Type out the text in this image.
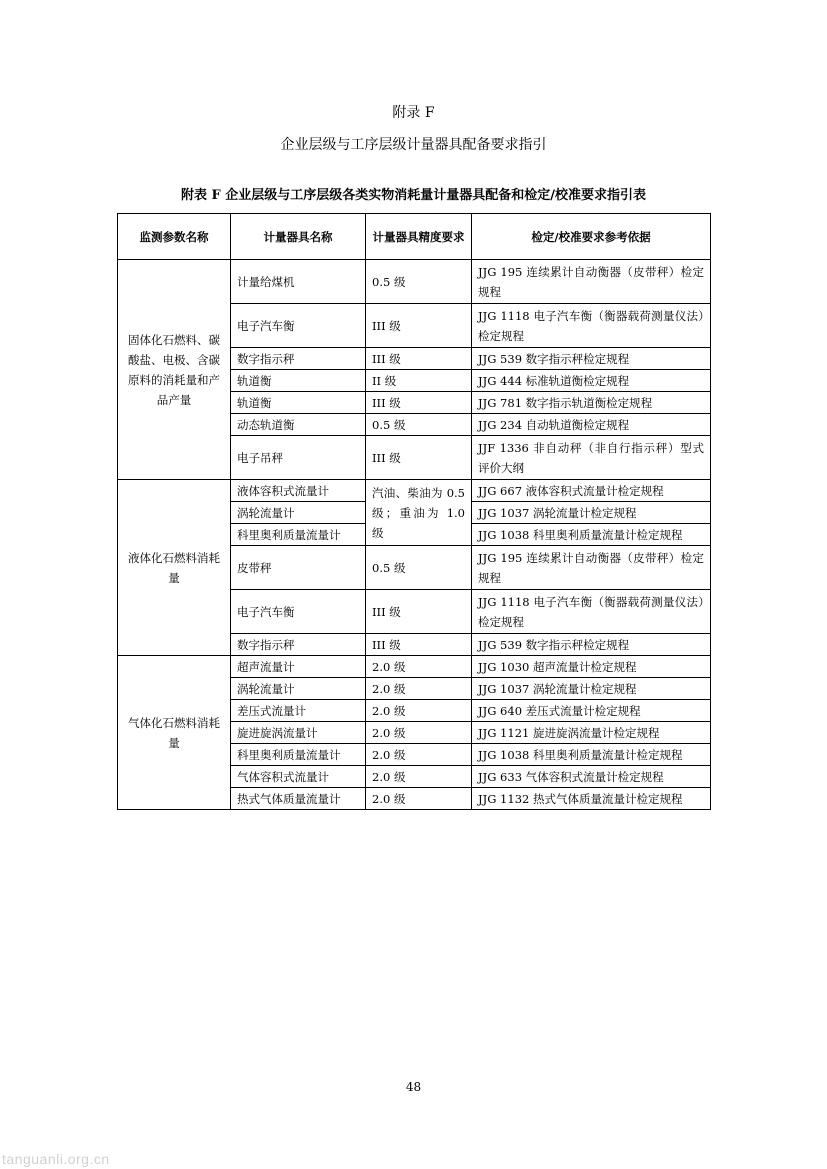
附录 F
企业层级与工序层级计量器具配备要求指引
附表 F 企业层级与工序层级各类实物消耗量计量器具配备和检定/校准要求指引表
监测参数名称	计量器具名称	计量器具精度要求	检定/校准要求参考依据
固体化石燃料、碳酸盐、电极、含碳原料的消耗量和产品产量	计量给煤机	0.5 级	JJG 195 连续累计自动衡器（皮带秤）检定规程
	电子汽车衡	III 级	JJG 1118 电子汽车衡（衡器载荷测量仪法）检定规程
	数字指示秤	III 级	JJG 539 数字指示秤检定规程
	轨道衡	II 级	JJG 444 标准轨道衡检定规程
	轨道衡	III 级	JJG 781 数字指示轨道衡检定规程
	动态轨道衡	0.5 级	JJG 234 自动轨道衡检定规程
	电子吊秤	III 级	JJF 1336 非自动秤（非自行指示秤）型式评价大纲
液体化石燃料消耗量	液体容积式流量计	汽油、柴油为 0.5 级；重油为 1.0 级	JJG 667 液体容积式流量计检定规程
	涡轮流量计		JJG 1037 涡轮流量计检定规程
	科里奥利质量流量计		JJG 1038 科里奥利质量流量计检定规程
	皮带秤	0.5 级	JJG 195 连续累计自动衡器（皮带秤）检定规程
	电子汽车衡	III 级	JJG 1118 电子汽车衡（衡器载荷测量仪法）检定规程
	数字指示秤	III 级	JJG 539 数字指示秤检定规程
气体化石燃料消耗量	超声流量计	2.0 级	JJG 1030 超声流量计检定规程
	涡轮流量计	2.0 级	JJG 1037 涡轮流量计检定规程
	差压式流量计	2.0 级	JJG 640 差压式流量计检定规程
	旋进旋涡流量计	2.0 级	JJG 1121 旋进旋涡流量计检定规程
	科里奥利质量流量计	2.0 级	JJG 1038 科里奥利质量流量计检定规程
	气体容积式流量计	2.0 级	JJG 633 气体容积式流量计检定规程
	热式气体质量流量计	2.0 级	JJG 1132 热式气体质量流量计检定规程
48
tanguanli.org.cn
